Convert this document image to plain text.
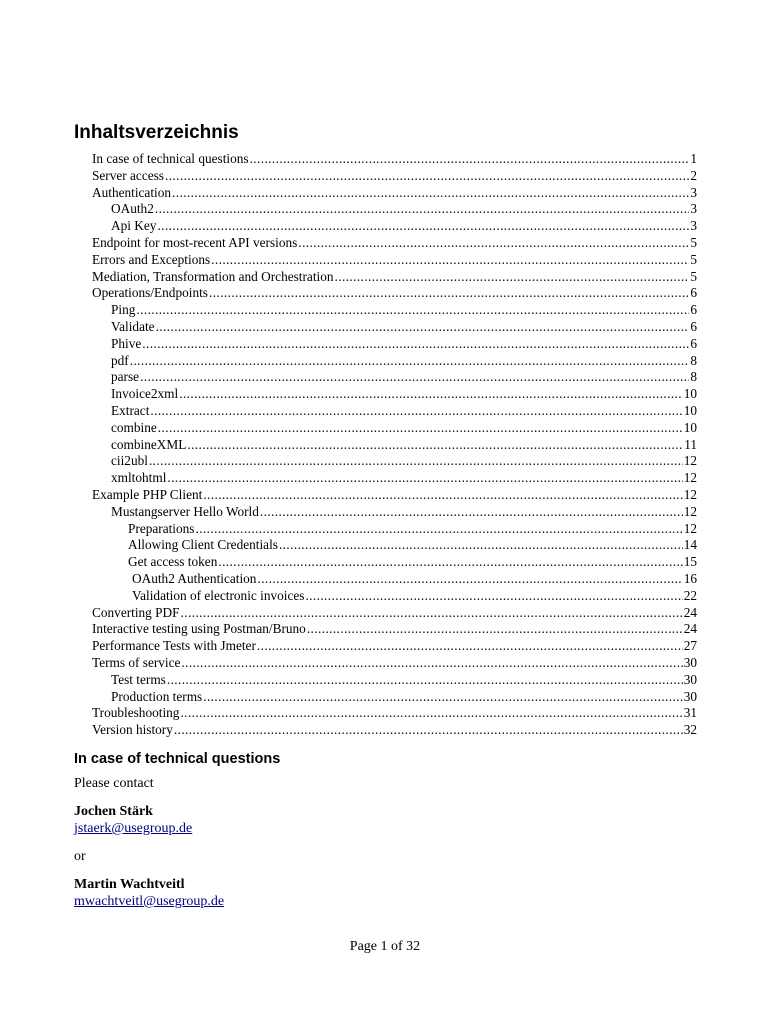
Inhaltsverzeichnis
In case of technical questions .....	1
Server access .....	2
Authentication .....	3
OAuth2 .....	3
Api Key .....	3
Endpoint for most-recent API versions .....	5
Errors and Exceptions .....	5
Mediation, Transformation and Orchestration .....	5
Operations/Endpoints .....	6
Ping .....	6
Validate .....	6
Phive .....	6
pdf .....	8
parse .....	8
Invoice2xml .....	10
Extract .....	10
combine .....	10
combineXML .....	11
cii2ubl .....	12
xmltohtml .....	12
Example PHP Client .....	12
Mustangserver Hello World .....	12
Preparations .....	12
Allowing Client Credentials .....	14
Get access token .....	15
OAuth2 Authentication .....	16
Validation of electronic invoices .....	22
Converting PDF .....	24
Interactive testing using Postman/Bruno .....	24
Performance Tests with Jmeter .....	27
Terms of service .....	30
Test terms .....	30
Production terms .....	30
Troubleshooting .....	31
Version history .....	32
In case of technical questions

Please contact

Jochen Stärk

jstaerk@usegroup.de

or

Martin Wachtveitl

mwachtveitl@usegroup.de

Page 1 of 32
